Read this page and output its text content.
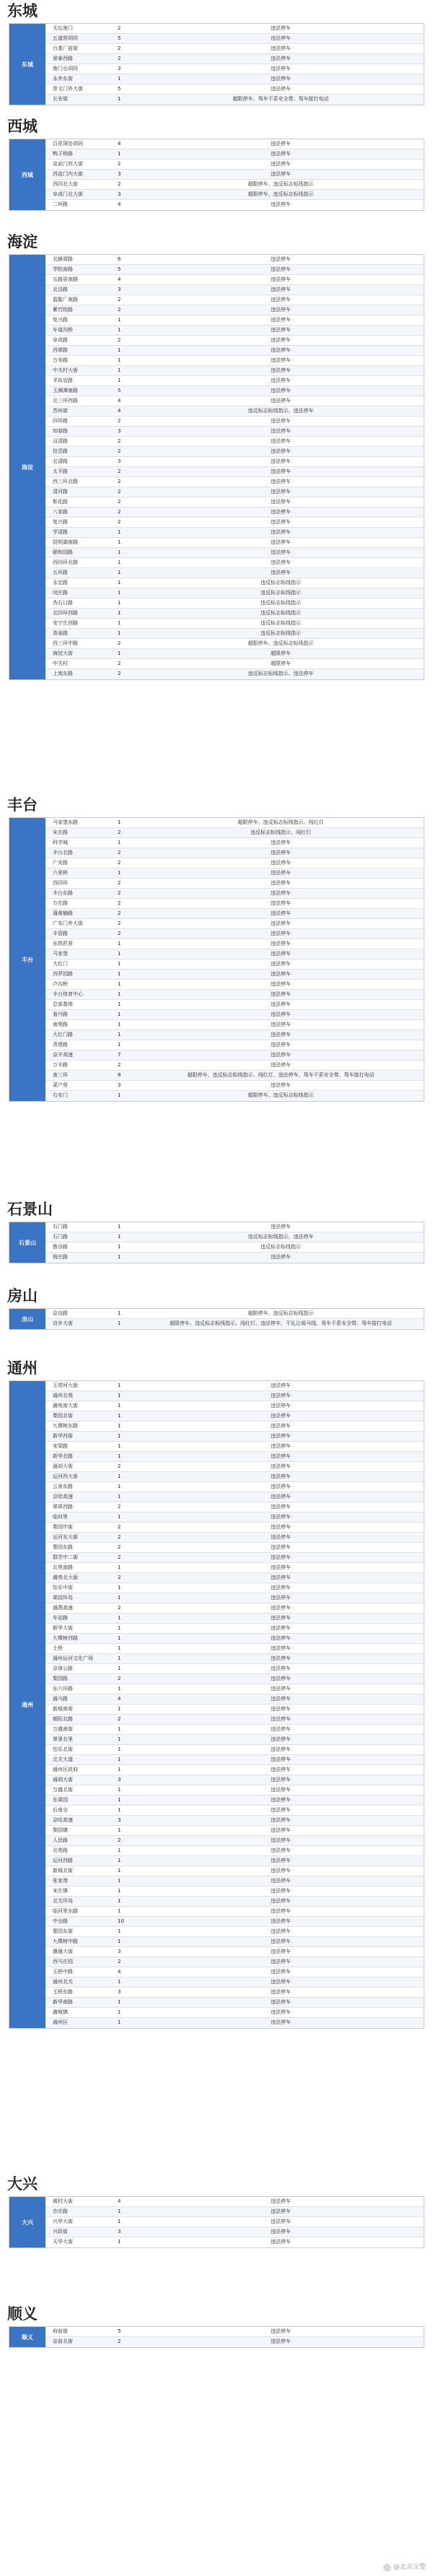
东城
东城
天坛南门	2	违法停车
五道营胡同	5	违法停车
台基厂前街	2	违法停车
景泰西路	2	违法停车
南门仓胡同	3	违法停车
永外东街	1	违法停车
崇文门外大街	5	违法停车
长安街	1	超限停车、驾车不系安全带、驾车接打电话
西城
西城
百花深处胡同	4	违法停车
鸭子桥路	1	违法停车
宣武门西大街	2	违法停车
西直门内大街	3	违法停车
西四北大街	2	超限停车、违反标志标线指示
阜成门北大街	3	超限停车、违反标志标线指示
二环路	4	违法停车
海淀
海淀
北蜂窝路	6	违法停车
学院南路	5	违法停车
五路居南路	4	违法停车
北洼路	3	违法停车
蓝靛厂南路	2	违法停车
紫竹院路	2	违法停车
复兴路	1	违法停车
车道沟桥	1	违法停车
阜成路	2	违法停车
西翠路	1	违法停车
万寿路	1	违法停车
中关村大街	1	违法停车
羊坊店路	1	违法停车
玉渊潭南路	5	违法停车
北三环西路	4	违法停车
苏州街	4	违反标志标线指示、违法停车
四环路	2	违法停车
知春路	3	违法停车
双清路	2	违法停车
信息路	2	违法停车
北清路	3	违法停车
太平路	2	违法停车
西三环北路	2	违法停车
清河路	2	违法停车
彰化路	2	违法停车
八家路	2	违法停车
复兴路	2	违法停车
学清路	1	违法停车
昆明湖南路	1	违法停车
颐和园路	1	违法停车
西四环北路	1	违法停车
五环路	1	违法停车
永定路	1	违反标志标线指示
闵庄路	1	违反标志标线指示
杏石口路	1	违反标志标线指示
北四环西路	1	违反标志标线指示
安宁庄西路	1	违反标志标线指示
香泉路	1	违反标志标线指示
西三环中路	2	超限停车、违反标志标线指示
海淀大街	1	超限停车
中关村	2	超限停车
上地东路	2	违反标志标线指示、违法停车
丰台
丰台
马家堡东路	1	超限停车、违反标志标线指示、闯红灯
宋庄路	2	违反标志标线指示、闯红灯
科学城	1	违法停车
丰台北路	2	违法停车
广安路	2	违法停车
六里桥	1	违法停车
西四环	2	违法停车
丰台东路	2	违法停车
方庄路	2	违法停车
蒲黄榆路	2	违法停车
广安门外大街	2	违法停车
丰管路	2	违法停车
东铁匠营	1	违法停车
马家堡	1	违法停车
大红门	1	违法停车
西罗园路	1	违法停车
卢沟桥	1	违法停车
丰台体育中心	1	违法停车
总部基地	1	违法停车
看丹路	1	违法停车
南苑路	1	违法停车
大红门路	1	违法停车
青塔路	1	违法停车
京开高速	7	违法停车
万丰路	2	违法停车
南三环	8	超限停车、违反标志标线指示、闯红灯、违法停车、驾车不系安全带、驾车接打电话
菜户营	3	违法停车
右安门	1	超限停车、违反标志标线指示
石景山
石景山
石门路	1	违法停车
石门路	1	违反标志标线指示、违法停车
鲁谷路	1	违反标志标线指示
杨庄路	1	违法停车
房山
房山
京良路	1	超限停车、违反标志标线指示
良乡大街	1	超限停车、违反标志标线指示、闯红灯、违法停车、不礼让斑马线、驾车不系安全带、驾车接打电话
通州
通州
玉带河大街	1	违法停车
通州北苑	1	违法停车
潞苑南大街	1	违法停车
梨园北街	1	违法停车
九棵树东路	1	违法停车
新华西街	1	违法停车
宋梁路	1	违法停车
新华北路	1	违法停车
通胡大街	2	违法停车
运河西大街	1	违法停车
云景东路	1	违法停车
京哈高速	1	违法停车
翠屏西路	2	违法停车
临河里	1	违法停车
梨园中街	2	违法停车
运河东大街	2	违法停车
梨园东路	2	违法停车
群芳中二街	2	违法停车
北苑南路	1	违法停车
潞苑北大街	2	违法停车
怡乐中街	1	违法停车
果园环岛	1	违法停车
通燕高速	2	违法停车
车站路	1	违法停车
新华大街	1	违法停车
九棵树西路	1	违法停车
土桥	1	违法停车
通州运河文化广场	1	违法停车
京津公路	1	违法停车
梨园路	2	违法停车
东六环路	1	违法停车
通马路	4	违法停车
新城南街	1	违法停车
朝阳北路	2	违法停车
万盛南街	1	违法停车
翠景北里	1	违法停车
怡乐北街	1	违法停车
北关大道	1	违法停车
通州区政府	1	违法停车
通胡大街	3	违法停车
万盛北街	1	违法停车
东果园	1	违法停车
后南仓	1	违法停车
京哈高速	3	违法停车
梨园镇	1	违法停车
人民路	2	违法停车
北苑路	1	违法停车
运河西路	1	违法停车
新城北街	1	违法停车
张家湾	1	违法停车
宋庄镇	1	违法停车
北关环岛	1	违法停车
临河里东路	1	违法停车
中仓路	10	违法停车
梨园东街	1	违法停车
九棵树中路	1	违法停车
潞通大街	3	违法停车
西马庄园	2	违法停车
玉桥中路	4	违法停车
通州北关	1	违法停车
玉桥东路	3	违法停车
新华南路	1	违法停车
潞城镇	1	违法停车
通州区	1	违法停车
大兴
大兴
黄村大街	4	违法停车
亦庄路	1	违法停车
兴华大街	1	违法停车
兴政街	3	违法停车
天华大街	1	违法停车
顺义
顺义
府前街	5	违法停车
站前北街	2	违法停车
@北京交警
